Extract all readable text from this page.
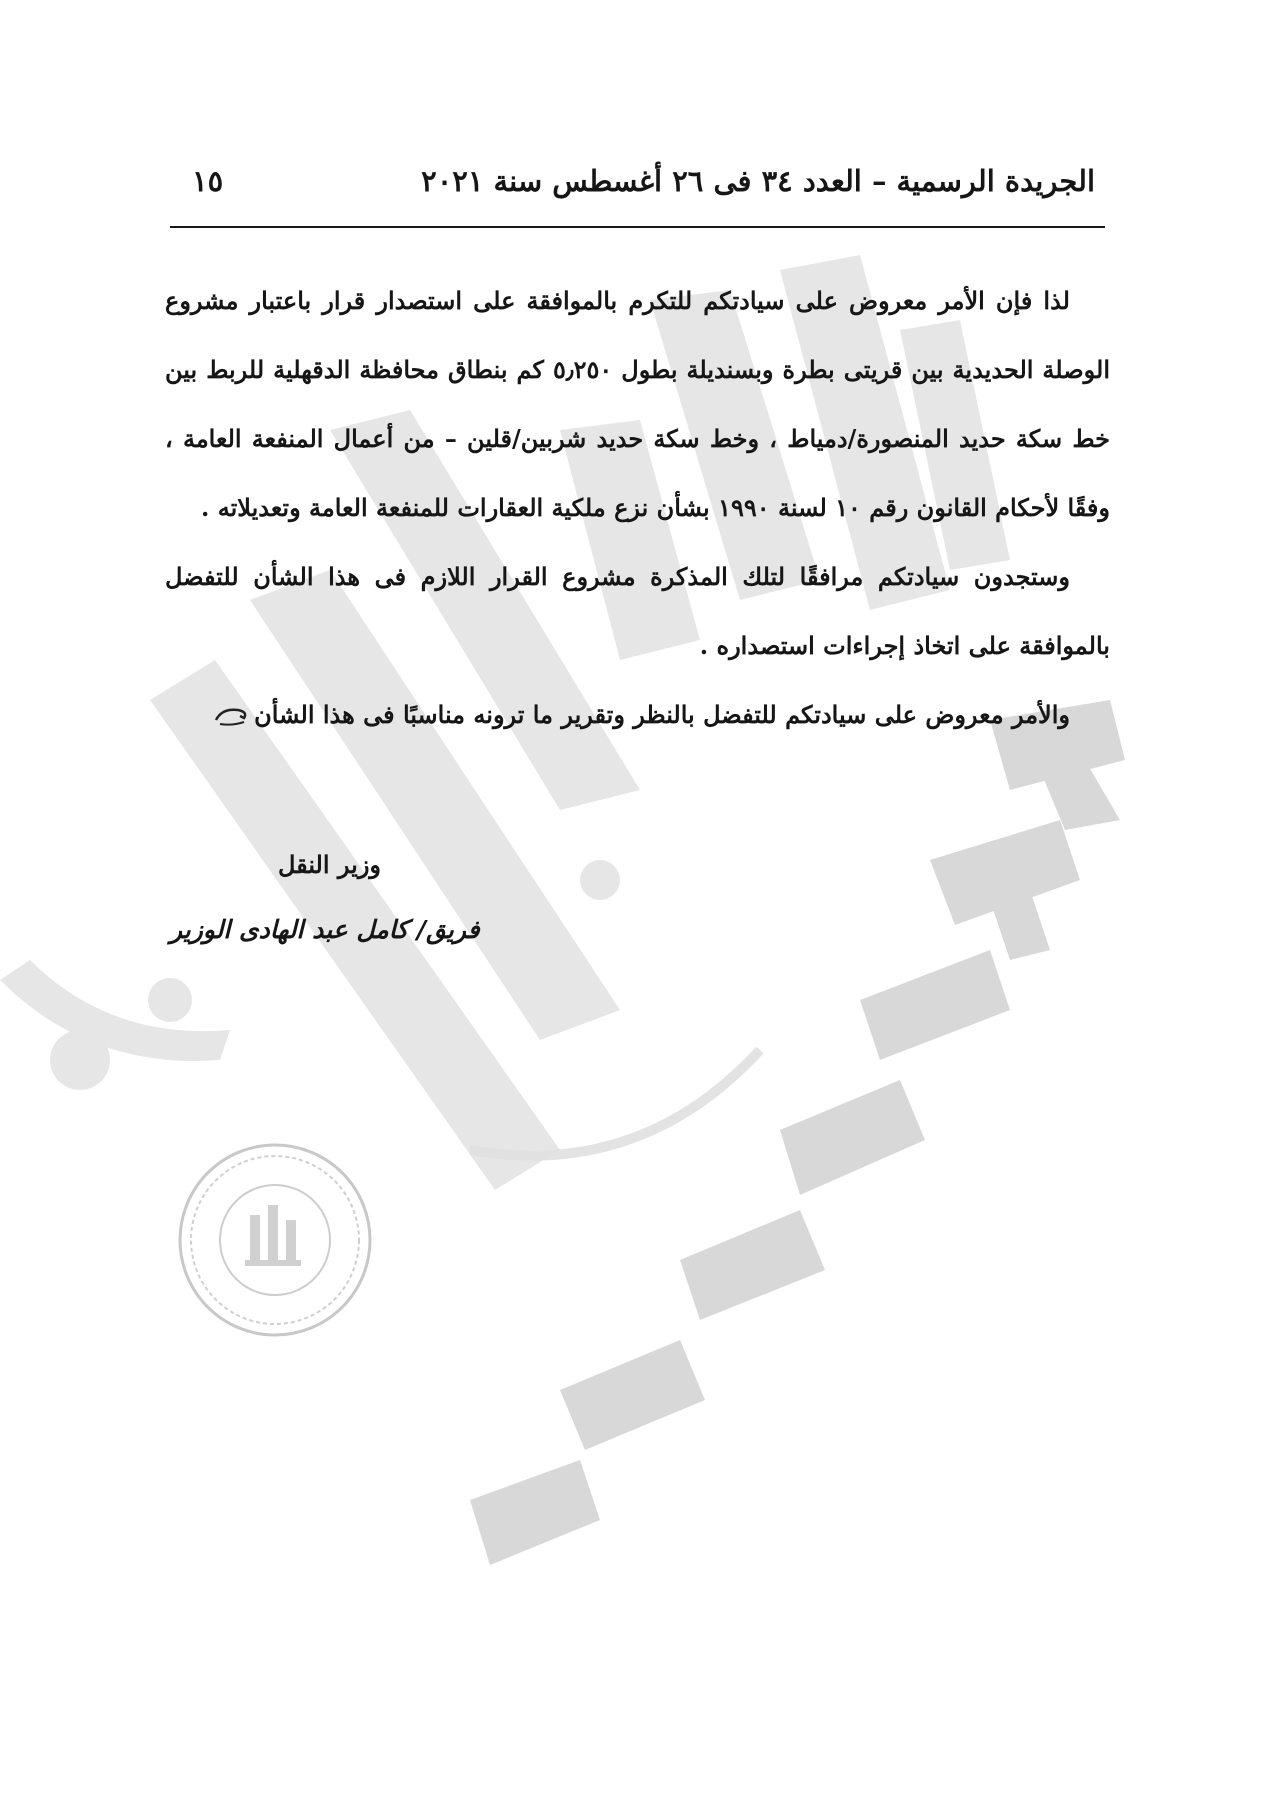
الجريدة الرسمية – العدد ٣٤ فى ٢٦ أغسطس سنة ٢٠٢١
١٥

لذا فإن الأمر معروض على سيادتكم للتكرم بالموافقة على استصدار قرار باعتبار مشروع الوصلة الحديدية بين قريتى بطرة وبسنديلة بطول ٥٫٢٥٠ كم بنطاق محافظة الدقهلية للربط بين خط سكة حديد المنصورة/دمياط ، وخط سكة حديد شربين/قلين – من أعمال المنفعة العامة ، وفقًا لأحكام القانون رقم ١٠ لسنة ١٩٩٠ بشأن نزع ملكية العقارات للمنفعة العامة وتعديلاته .

وستجدون سيادتكم مرافقًا لتلك المذكرة مشروع القرار اللازم فى هذا الشأن للتفضل بالموافقة على اتخاذ إجراءات استصداره .

والأمر معروض على سيادتكم للتفضل بالنظر وتقرير ما ترونه مناسبًا فى هذا الشأن

وزير النقل
فريق/ كامل عبد الهادى الوزير
